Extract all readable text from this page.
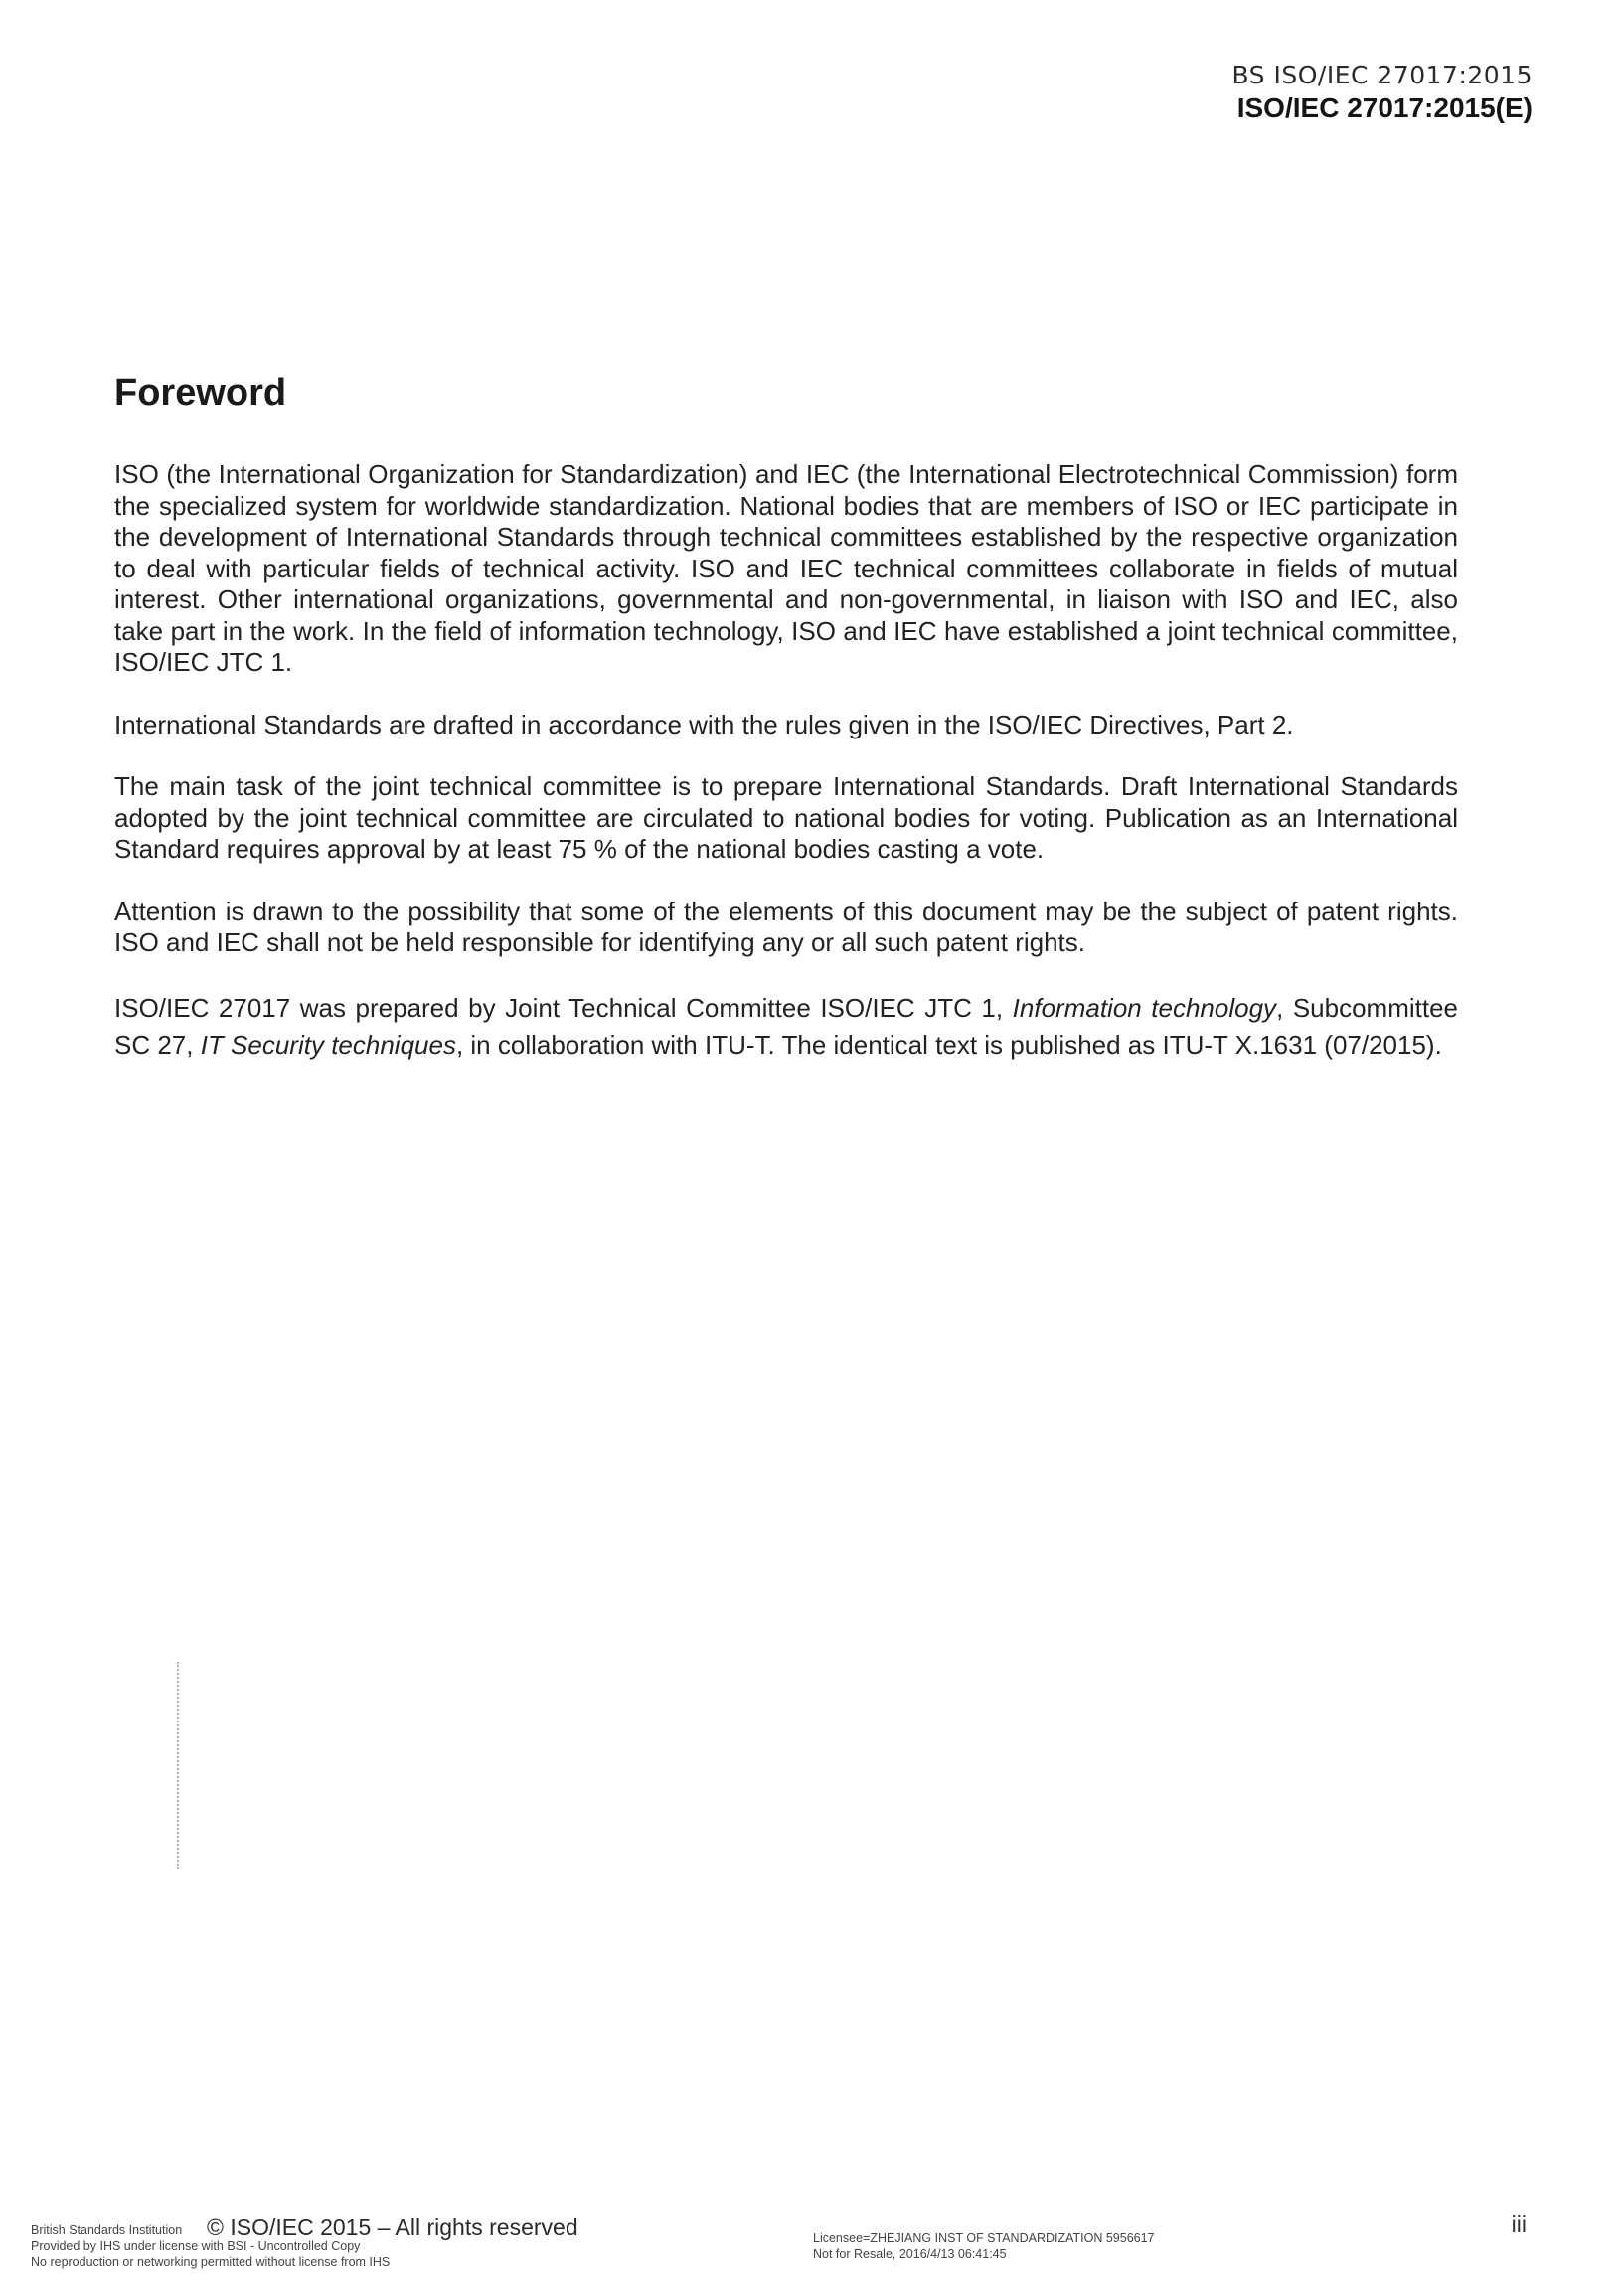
BS ISO/IEC 27017:2015
ISO/IEC 27017:2015(E)
Foreword

ISO (the International Organization for Standardization) and IEC (the International Electrotechnical Commission) form the specialized system for worldwide standardization. National bodies that are members of ISO or IEC participate in the development of International Standards through technical committees established by the respective organization to deal with particular fields of technical activity. ISO and IEC technical committees collaborate in fields of mutual interest. Other international organizations, governmental and non-governmental, in liaison with ISO and IEC, also take part in the work. In the field of information technology, ISO and IEC have established a joint technical committee, ISO/IEC JTC 1.

International Standards are drafted in accordance with the rules given in the ISO/IEC Directives, Part 2.

The main task of the joint technical committee is to prepare International Standards. Draft International Standards adopted by the joint technical committee are circulated to national bodies for voting. Publication as an International Standard requires approval by at least 75 % of the national bodies casting a vote.

Attention is drawn to the possibility that some of the elements of this document may be the subject of patent rights. ISO and IEC shall not be held responsible for identifying any or all such patent rights.

ISO/IEC 27017 was prepared by Joint Technical Committee ISO/IEC JTC 1, Information technology, Subcommittee SC 27, IT Security techniques, in collaboration with ITU-T. The identical text is published as ITU-T X.1631 (07/2015).

British Standards Institution
Provided by IHS under license with BSI - Uncontrolled Copy
No reproduction or networking permitted without license from IHS
© ISO/IEC 2015 – All rights reserved	Licensee=ZHEJIANG INST OF STANDARDIZATION 5956617
Not for Resale, 2016/4/13 06:41:45
iii
